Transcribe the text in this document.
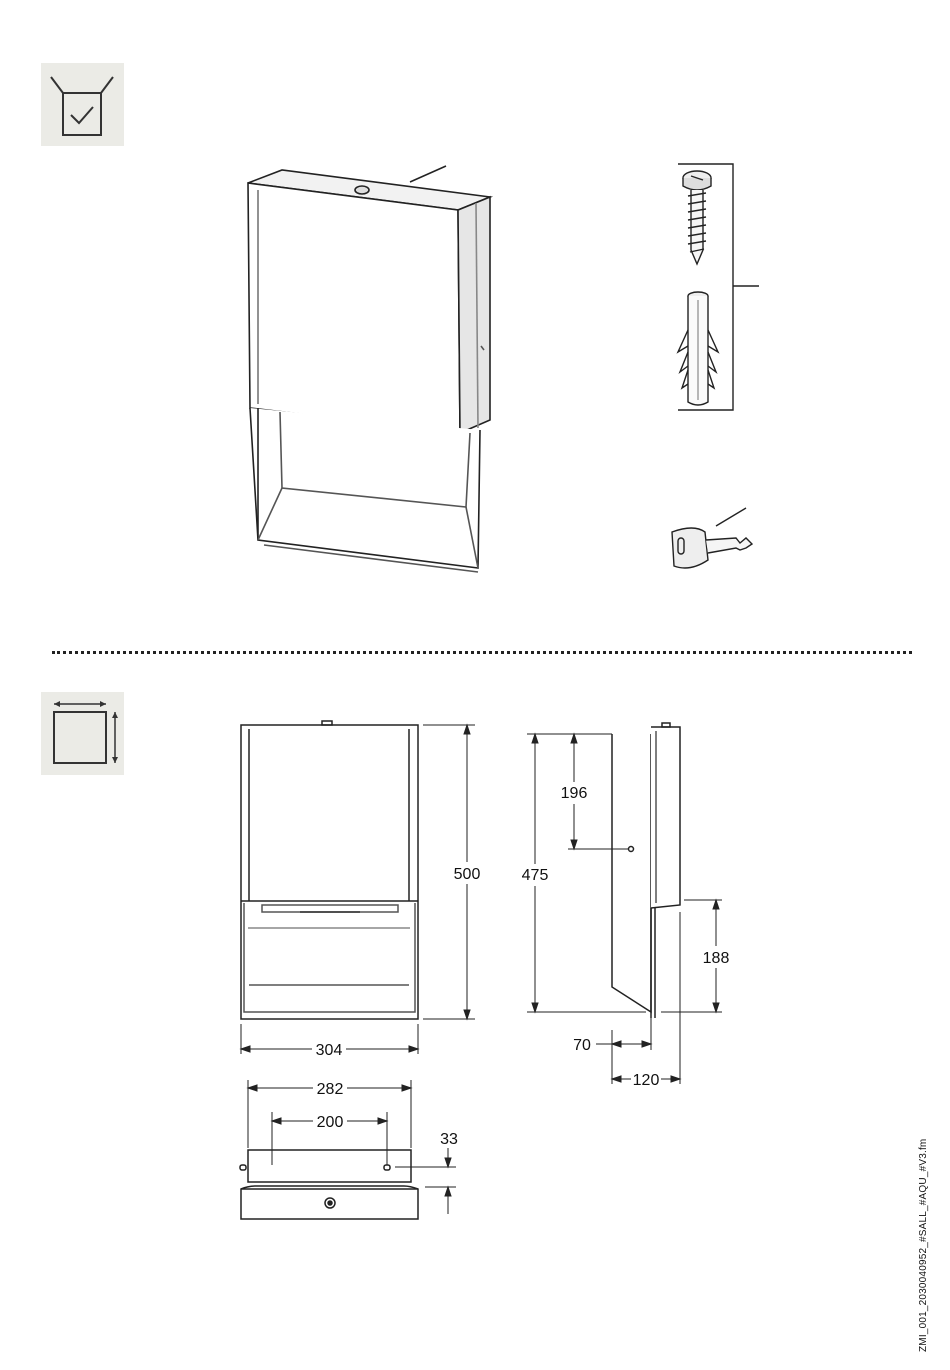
500
304
475
196
188
70
120
282
200
33	ZMI_001_2030040952_#SALL_#AQU_#V3.fm
